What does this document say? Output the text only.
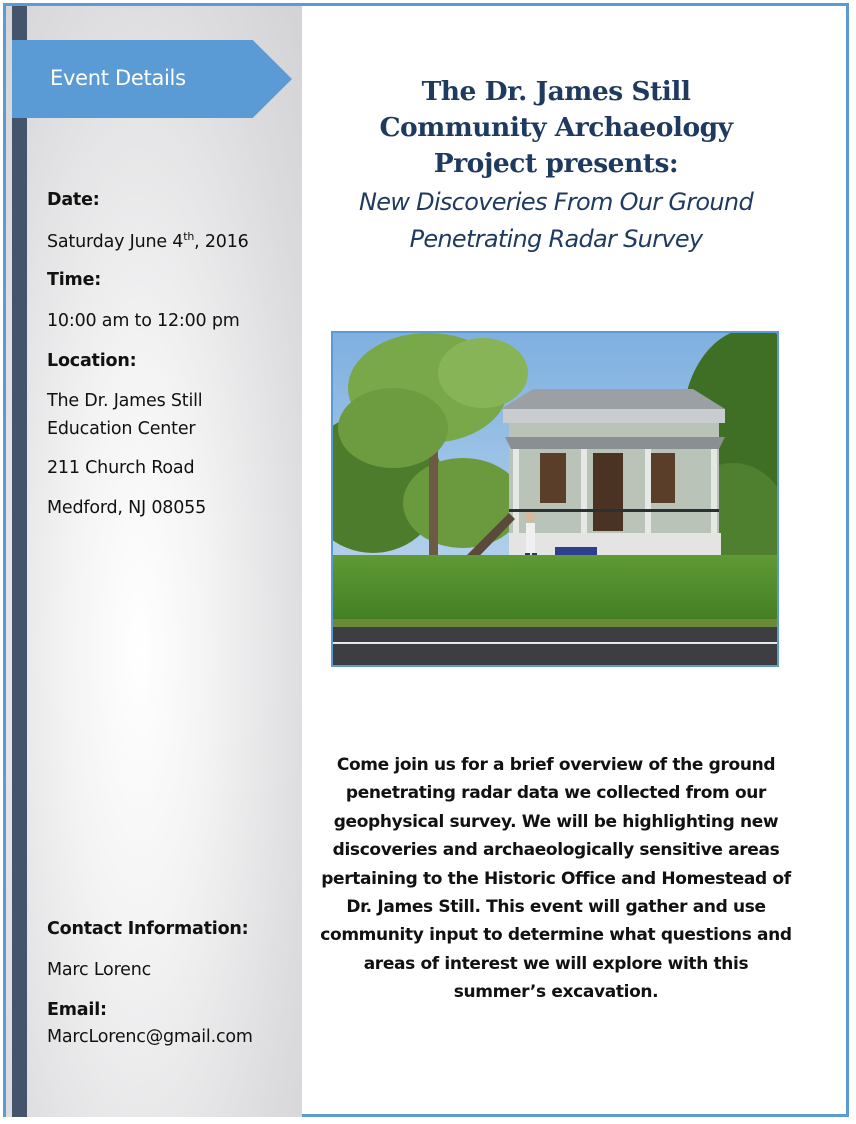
Event Details
Date:
Saturday June 4th, 2016
Time:
10:00 am to 12:00 pm
Location:
The Dr. James Still
Education Center
211 Church Road
Medford, NJ 08055
Contact Information:
Marc Lorenc
Email:
MarcLorenc@gmail.com
The Dr. James Still
Community Archaeology
Project presents:
New Discoveries From Our Ground
Penetrating Radar Survey
Come join us for a brief overview of the ground
penetrating radar data we collected from our
geophysical survey. We will be highlighting new
discoveries and archaeologically sensitive areas
pertaining to the Historic Office and Homestead of
Dr. James Still. This event will gather and use
community input to determine what questions and
areas of interest we will explore with this
summer’s excavation.
